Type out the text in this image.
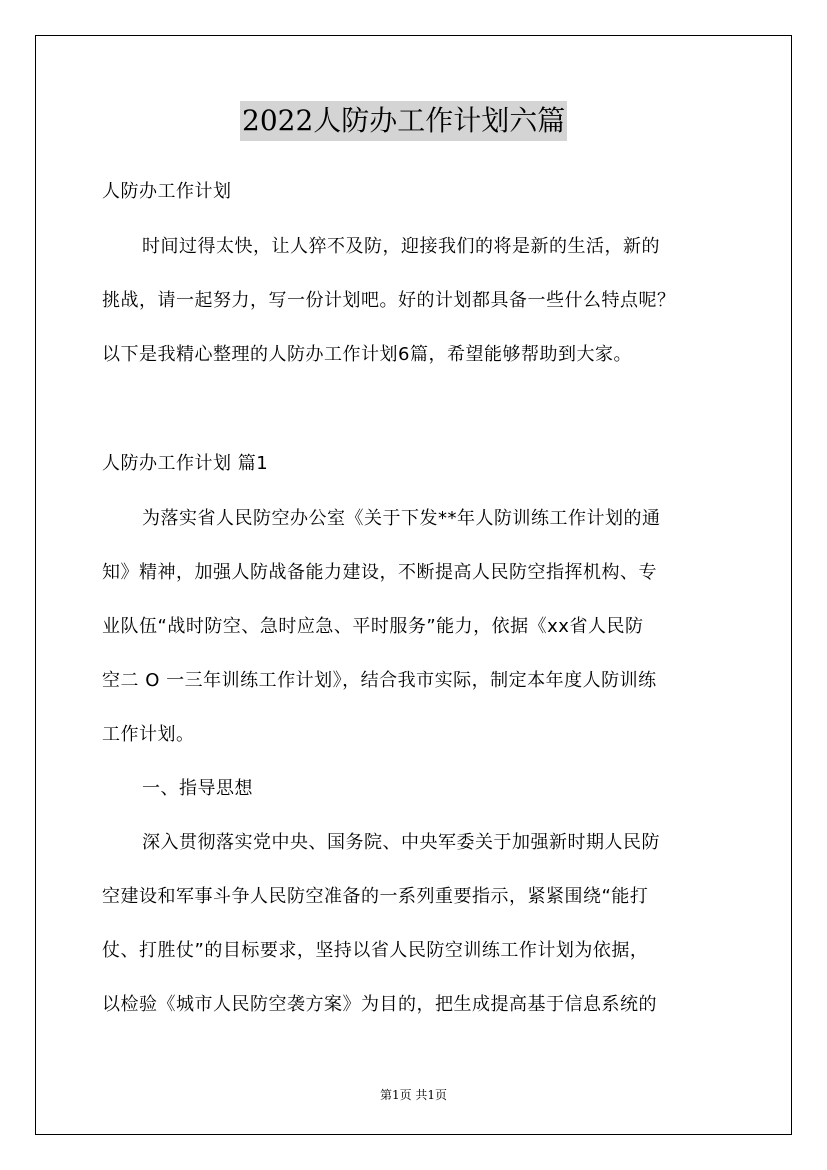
2022人防办工作计划六篇
人防办工作计划
时间过得太快，让人猝不及防，迎接我们的将是新的生活，新的
挑战，请一起努力，写一份计划吧。好的计划都具备一些什么特点呢？
以下是我精心整理的人防办工作计划6篇，希望能够帮助到大家。
人防办工作计划 篇1
为落实省人民防空办公室《关于下发**年人防训练工作计划的通
知》精神，加强人防战备能力建设，不断提高人民防空指挥机构、专
业队伍“战时防空、急时应急、平时服务”能力，依据《xx省人民防
空二 O 一三年训练工作计划》，结合我市实际，制定本年度人防训练
工作计划。
一、指导思想
深入贯彻落实党中央、国务院、中央军委关于加强新时期人民防
空建设和军事斗争人民防空准备的一系列重要指示，紧紧围绕“能打
仗、打胜仗”的目标要求，坚持以省人民防空训练工作计划为依据，
以检验《城市人民防空袭方案》为目的，把生成提高基于信息系统的
第1页 共1页
